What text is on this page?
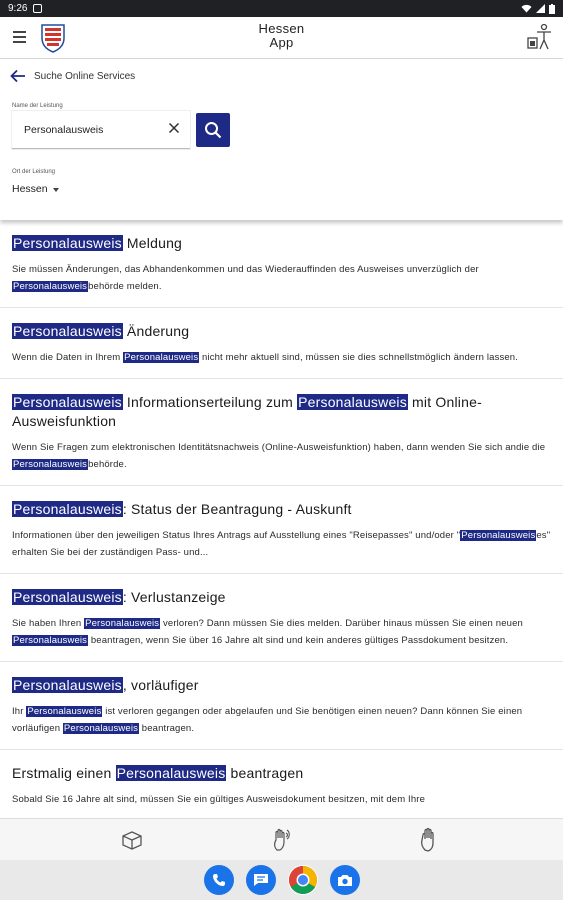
9:26
Hessen
App
Suche Online Services
Name der Leistung
Personalausweis
Ort der Leistung
Hessen
Personalausweis Meldung
Sie müssen Änderungen, das Abhandenkommen und das Wiederauffinden des Ausweises unverzüglich der Personalausweisbehörde melden.
Personalausweis Änderung
Wenn die Daten in Ihrem Personalausweis nicht mehr aktuell sind, müssen sie dies schnellstmöglich ändern lassen.
Personalausweis Informationserteilung zum Personalausweis mit Online-Ausweisfunktion
Wenn Sie Fragen zum elektronischen Identitätsnachweis (Online-Ausweisfunktion) haben, dann wenden Sie sich andie die Personalausweisbehörde.
Personalausweis: Status der Beantragung - Auskunft
Informationen über den jeweiligen Status Ihres Antrags auf Ausstellung eines "Reisepasses" und/oder "Personalausweises" erhalten Sie bei der zuständigen Pass- und...
Personalausweis: Verlustanzeige
Sie haben Ihren Personalausweis verloren? Dann müssen Sie dies melden. Darüber hinaus müssen Sie einen neuen Personalausweis beantragen, wenn Sie über 16 Jahre alt sind und kein anderes gültiges Passdokument besitzen.
Personalausweis, vorläufiger
Ihr Personalausweis ist verloren gegangen oder abgelaufen und Sie benötigen einen neuen? Dann können Sie einen vorläufigen Personalausweis beantragen.
Erstmalig einen Personalausweis beantragen
Sobald Sie 16 Jahre alt sind, müssen Sie ein gültiges Ausweisdokument besitzen, mit dem Ihre
